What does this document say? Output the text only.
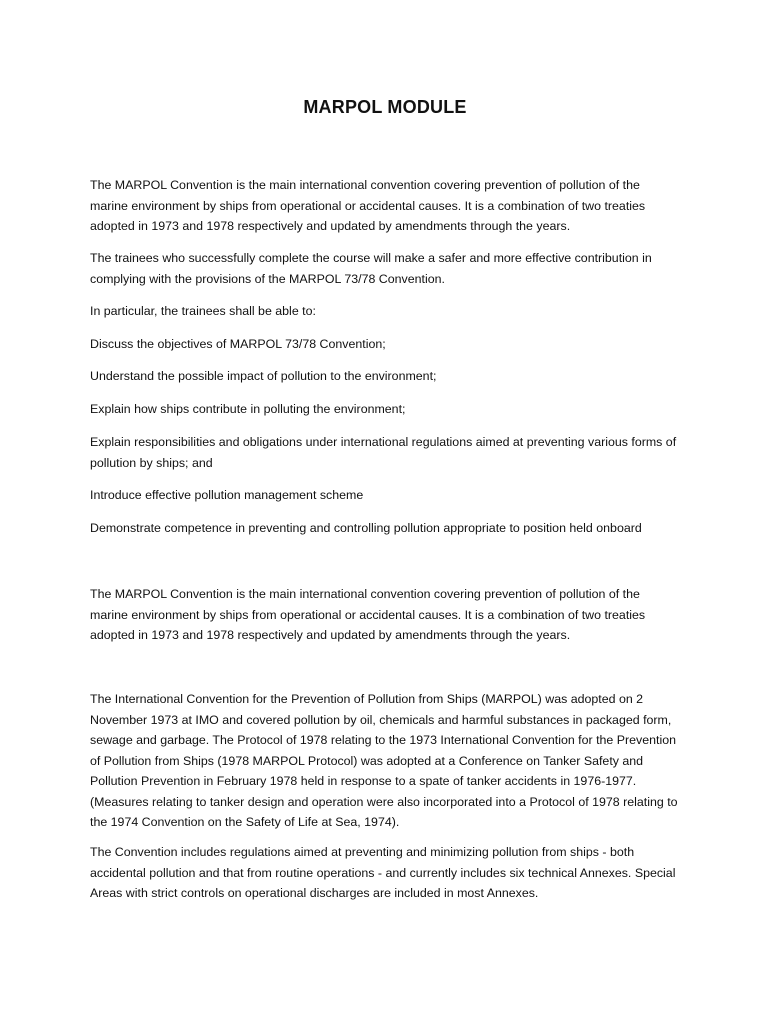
MARPOL MODULE

The MARPOL Convention is the main international convention covering prevention of pollution of the marine environment by ships from operational or accidental causes. It is a combination of two treaties adopted in 1973 and 1978 respectively and updated by amendments through the years.

The trainees who successfully complete the course will make a safer and more effective contribution in complying with the provisions of the MARPOL 73/78 Convention.

In particular, the trainees shall be able to:

Discuss the objectives of MARPOL 73/78 Convention;

Understand the possible impact of pollution to the environment;

Explain how ships contribute in polluting the environment;

Explain responsibilities and obligations under international regulations aimed at preventing various forms of pollution by ships; and

Introduce effective pollution management scheme

Demonstrate competence in preventing and controlling pollution appropriate to position held onboard

The MARPOL Convention is the main international convention covering prevention of pollution of the marine environment by ships from operational or accidental causes. It is a combination of two treaties adopted in 1973 and 1978 respectively and updated by amendments through the years.

The International Convention for the Prevention of Pollution from Ships (MARPOL) was adopted on 2 November 1973 at IMO and covered pollution by oil, chemicals and harmful substances in packaged form, sewage and garbage. The Protocol of 1978 relating to the 1973 International Convention for the Prevention of Pollution from Ships (1978 MARPOL Protocol) was adopted at a Conference on Tanker Safety and Pollution Prevention in February 1978 held in response to a spate of tanker accidents in 1976-1977. (Measures relating to tanker design and operation were also incorporated into a Protocol of 1978 relating to the 1974 Convention on the Safety of Life at Sea, 1974).

The Convention includes regulations aimed at preventing and minimizing pollution from ships - both accidental pollution and that from routine operations - and currently includes six technical Annexes. Special Areas with strict controls on operational discharges are included in most Annexes.
